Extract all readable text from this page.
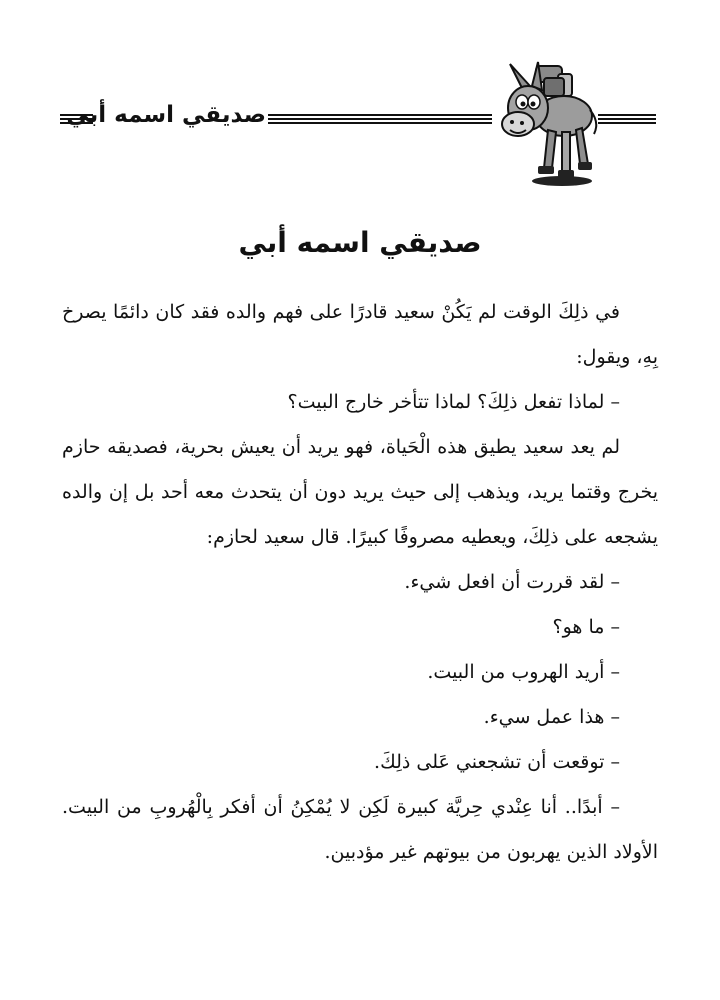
صديقي اسمه أبي
صديقي اسمه أبي

في ذلِكَ الوقت لم يَكُنْ سعيد قادرًا على فهم والده فقد كان دائمًا يصرخ بِهِ، ويقول:

– لماذا تفعل ذلِكَ؟ لماذا تتأخر خارج البيت؟

لم يعد سعيد يطيق هذه الْحَياة، فهو يريد أن يعيش بحرية، فصديقه حازم يخرج وقتما يريد، ويذهب إلى حيث يريد دون أن يتحدث معه أحد بل إن والده يشجعه على ذلِكَ، ويعطيه مصروفًا كبيرًا. قال سعيد لحازم:

– لقد قررت أن افعل شيء.

– ما هو؟

– أريد الهروب من البيت.

– هذا عمل سيء.

– توقعت أن تشجعني عَلى ذلِكَ.

– أبدًا.. أنا عِنْدي حِريَّة كبيرة لَكِن لا يُمْكِنُ أن أفكر بِالْهُروبِ من البيت. الأولاد الذين يهربون من بيوتهم غير مؤدبين.
